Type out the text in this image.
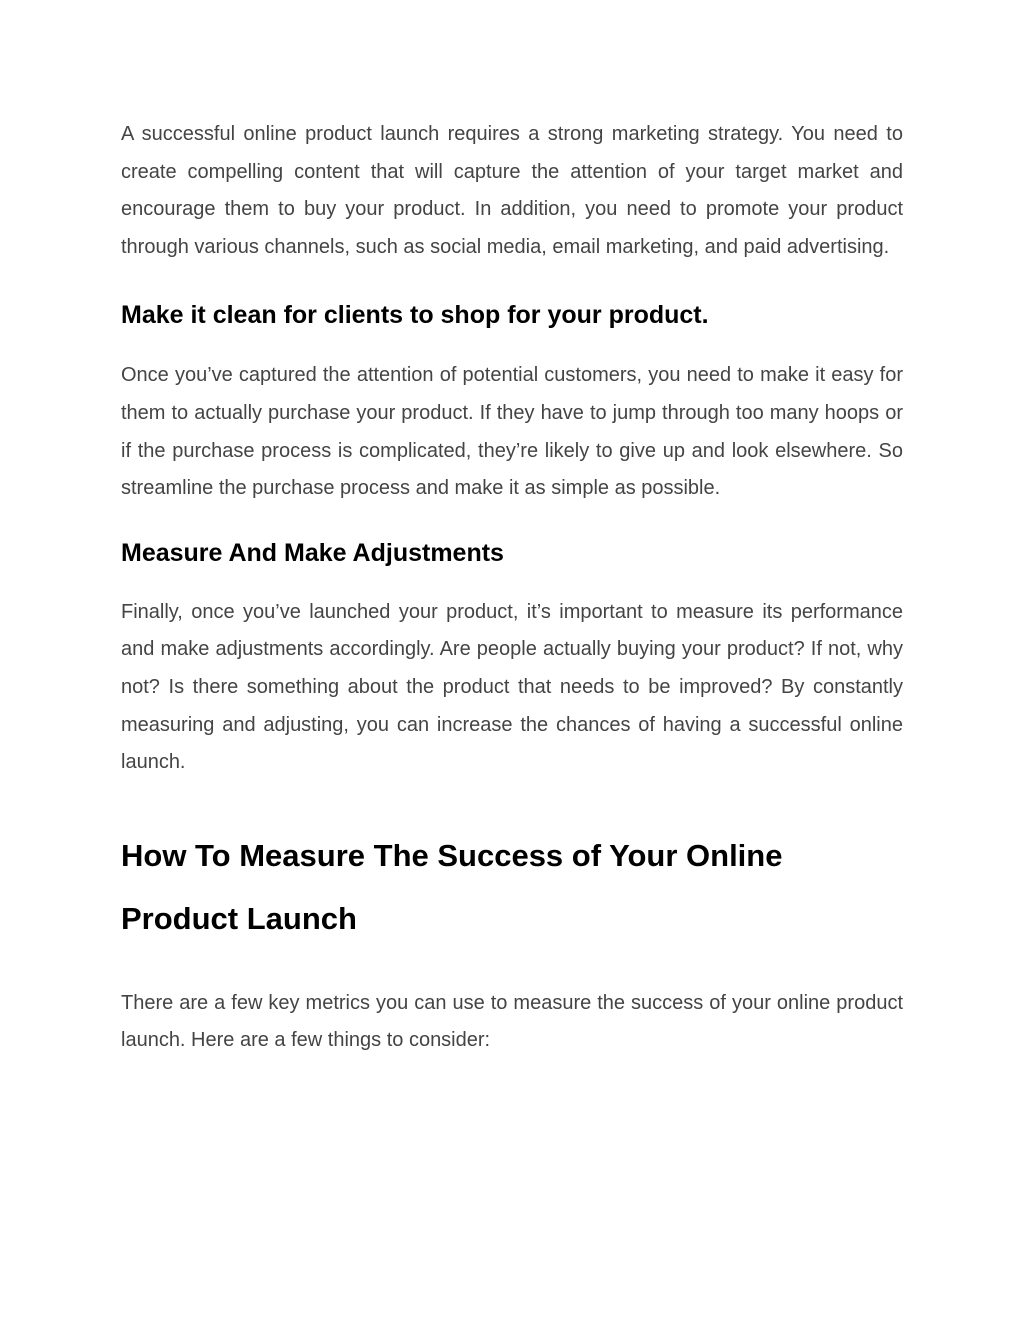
A successful online product launch requires a strong marketing strategy. You need to create compelling content that will capture the attention of your target market and encourage them to buy your product. In addition, you need to promote your product through various channels, such as social media, email marketing, and paid advertising.

Make it clean for clients to shop for your product.

Once you’ve captured the attention of potential customers, you need to make it easy for them to actually purchase your product. If they have to jump through too many hoops or if the purchase process is complicated, they’re likely to give up and look elsewhere. So streamline the purchase process and make it as simple as possible.

Measure And Make Adjustments

Finally, once you’ve launched your product, it’s important to measure its performance and make adjustments accordingly. Are people actually buying your product? If not, why not? Is there something about the product that needs to be improved? By constantly measuring and adjusting, you can increase the chances of having a successful online launch.

How To Measure The Success of Your Online Product Launch

There are a few key metrics you can use to measure the success of your online product launch. Here are a few things to consider:
